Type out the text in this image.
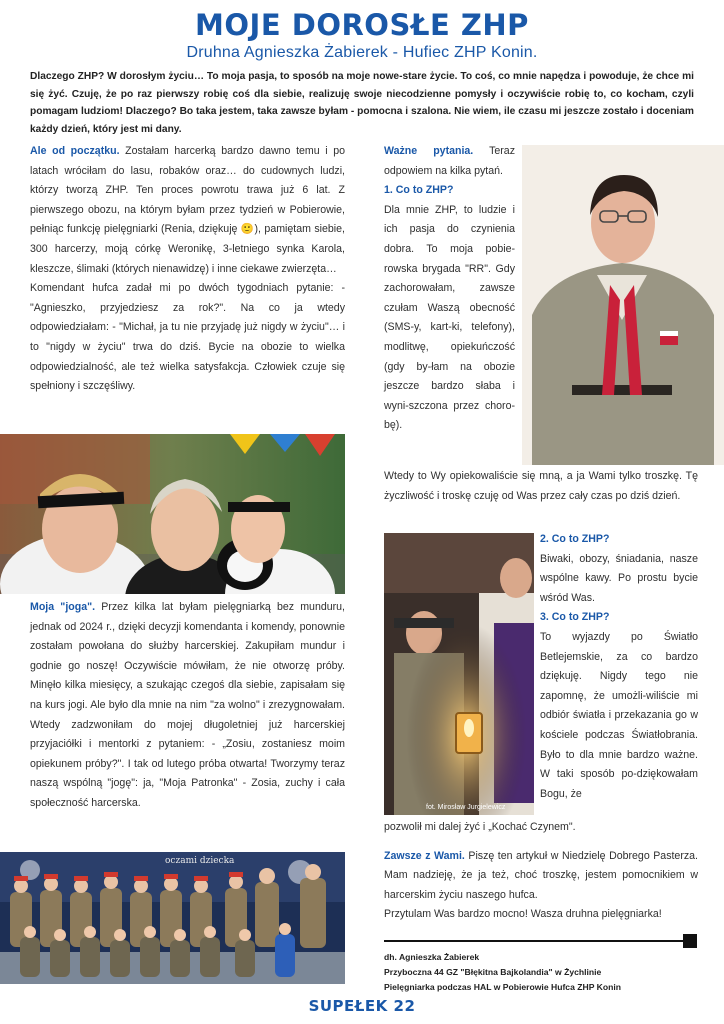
MOJE DOROSŁE ZHP
Druhna Agnieszka Żabierek - Hufiec ZHP Konin.
Dlaczego ZHP? W dorosłym życiu… To moja pasja, to sposób na moje nowe-stare życie. To coś, co mnie napędza i powoduje, że chce mi się żyć. Czuję, że po raz pierwszy robię coś dla siebie, realizuję swoje niecodzienne pomysły i oczywiście robię to, co kocham, czyli pomagam ludziom! Dlaczego? Bo taka jestem, taka zawsze byłam - pomocna i szalona. Nie wiem, ile czasu mi jeszcze zostało i doceniam każdy dzień, który jest mi dany.

Ale od początku. Zostałam harcerką bardzo dawno temu i po latach wróciłam do lasu, robaków oraz… do cudownych ludzi, którzy tworzą ZHP. Ten proces powrotu trawa już 6 lat. Z pierwszego obozu, na którym byłam przez tydzień w Pobierowie, pełniąc funkcję pielęgniarki (Renia, dziękuję 🙂), pamiętam siebie, 300 harcerzy, moją córkę Weronikę, 3-letniego synka Karola, kleszcze, ślimaki (których nienawidzę) i inne ciekawe zwierzęta…

Komendant hufca zadał mi po dwóch tygodniach pytanie: - "Agnieszko, przyjedziesz za rok?". Na co ja wtedy odpowiedziałam: - "Michał, ja tu nie przyjadę już nigdy w życiu"… i to "nigdy w życiu" trwa do dziś. Bycie na obozie to wielka odpowiedzialność, ale też wielka satysfakcja. Człowiek czuje się spełniony i szczęśliwy.

Moja "joga". Przez kilka lat byłam pielęgniarką bez munduru, jednak od 2024 r., dzięki decyzji komendanta i komendy, ponownie zostałam powołana do służby harcerskiej. Zakupiłam mundur i godnie go noszę! Oczywiście mówiłam, że nie otworzę próby. Minęło kilka miesięcy, a szukając czegoś dla siebie, zapisałam się na kurs jogi. Ale było dla mnie na nim "za wolno" i zrezygnowałam. Wtedy zadzwoniłam do mojej długoletniej już harcerskiej przyjaciółki i mentorki z pytaniem: - „Zosiu, zostaniesz moim opiekunem próby?". I tak od lutego próba otwarta! Tworzymy teraz naszą wspólną "jogę": ja, "Moja Patronka" - Zosia, zuchy i cała społeczność harcerska.

oczami dziecka

Ważne pytania. Teraz odpowiem na kilka pytań.

1. Co to ZHP?

Dla mnie ZHP, to ludzie i ich pasja do czynienia dobra. To moja pobie-rowska brygada "RR". Gdy zachorowałam, zawsze czułam Waszą obecność (SMS-y, kart-ki, telefony), modlitwę, opiekuńczość (gdy by-łam na obozie jeszcze bardzo słaba i wyni-szczona przez choro-bę).

Wtedy to Wy opiekowaliście się mną, a ja Wami tylko troszkę. Tę życzliwość i troskę czuję od Was przez cały czas po dziś dzień.

fot. Mirosław Jurgielewicz
2. Co to ZHP?

Biwaki, obozy, śniadania, nasze wspólne kawy. Po prostu bycie wśród Was.

3. Co to ZHP?

To wyjazdy po Światło Betlejemskie, za co bardzo dziękuję. Nigdy tego nie zapomnę, że umożli-wiliście mi odbiór światła i przekazania go w kościele podczas Światłobrania. Było to dla mnie bardzo ważne. W taki sposób po-dziękowałam Bogu, że

pozwolił mi dalej żyć i „Kochać Czynem".

Zawsze z Wami. Piszę ten artykuł w Niedzielę Dobrego Pasterza. Mam nadzieję, że ja też, choć troszkę, jestem pomocnikiem w harcerskim życiu naszego hufca.

Przytulam Was bardzo mocno! Wasza druhna pielęgniarka!

dh. Agnieszka Żabierek
Przyboczna 44 GZ "Błękitna Bajkolandia" w Żychlinie
Pielęgniarka podczas HAL w Pobierowie Hufca ZHP Konin
SUPEŁEK 22
